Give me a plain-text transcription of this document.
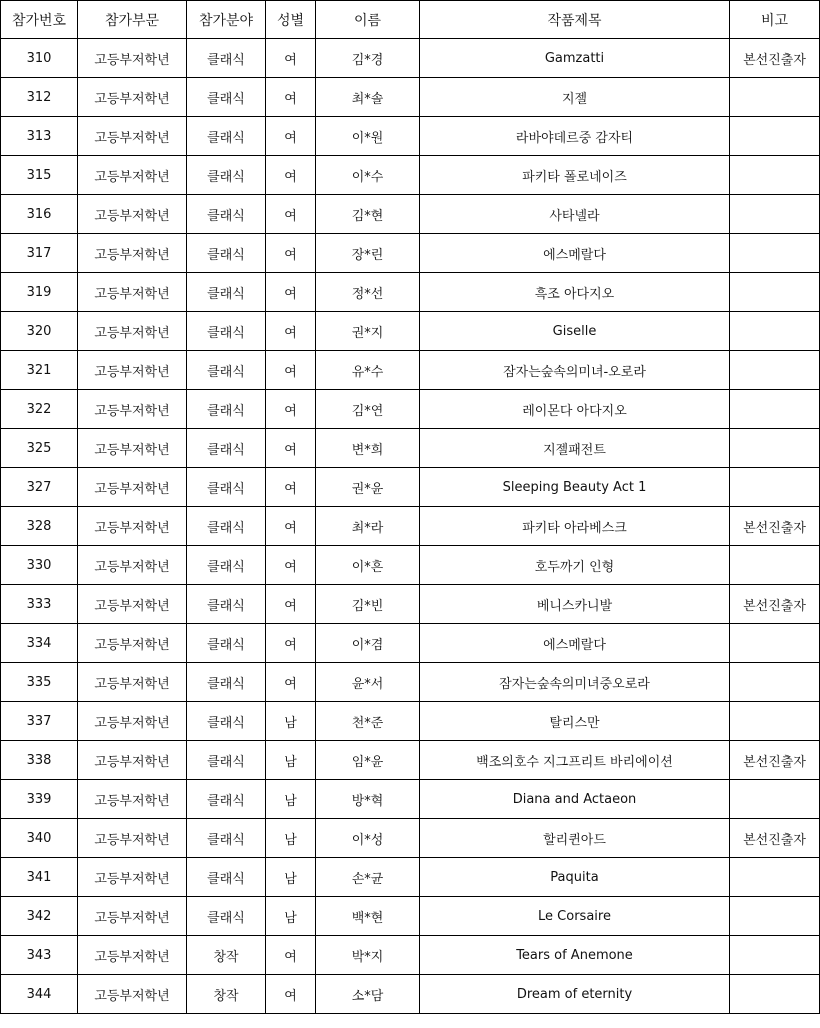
참가번호	참가부문	참가분야	성별	이름	작품제목	비고
310	고등부저학년	클래식	여	김*경	Gamzatti	본선진출자
312	고등부저학년	클래식	여	최*솔	지젤	
313	고등부저학년	클래식	여	이*원	라바야데르중 감자티	
315	고등부저학년	클래식	여	이*수	파키타 폴로네이즈	
316	고등부저학년	클래식	여	김*현	사타넬라	
317	고등부저학년	클래식	여	장*린	에스메랄다	
319	고등부저학년	클래식	여	정*선	흑조 아다지오	
320	고등부저학년	클래식	여	권*지	Giselle	
321	고등부저학년	클래식	여	유*수	잠자는숲속의미녀-오로라	
322	고등부저학년	클래식	여	김*연	레이몬다 아다지오	
325	고등부저학년	클래식	여	변*희	지젤패전트	
327	고등부저학년	클래식	여	권*윤	Sleeping Beauty Act 1	
328	고등부저학년	클래식	여	최*라	파키타 아라베스크	본선진출자
330	고등부저학년	클래식	여	이*흔	호두까기 인형	
333	고등부저학년	클래식	여	김*빈	베니스카니발	본선진출자
334	고등부저학년	클래식	여	이*겸	에스메랄다	
335	고등부저학년	클래식	여	윤*서	잠자는숲속의미녀중오로라	
337	고등부저학년	클래식	남	천*준	탈리스만	
338	고등부저학년	클래식	남	임*윤	백조의호수 지그프리트 바리에이션	본선진출자
339	고등부저학년	클래식	남	방*혁	Diana and Actaeon	
340	고등부저학년	클래식	남	이*성	할리퀸아드	본선진출자
341	고등부저학년	클래식	남	손*균	Paquita	
342	고등부저학년	클래식	남	백*현	Le Corsaire	
343	고등부저학년	창작	여	박*지	Tears of Anemone	
344	고등부저학년	창작	여	소*담	Dream of eternity	
